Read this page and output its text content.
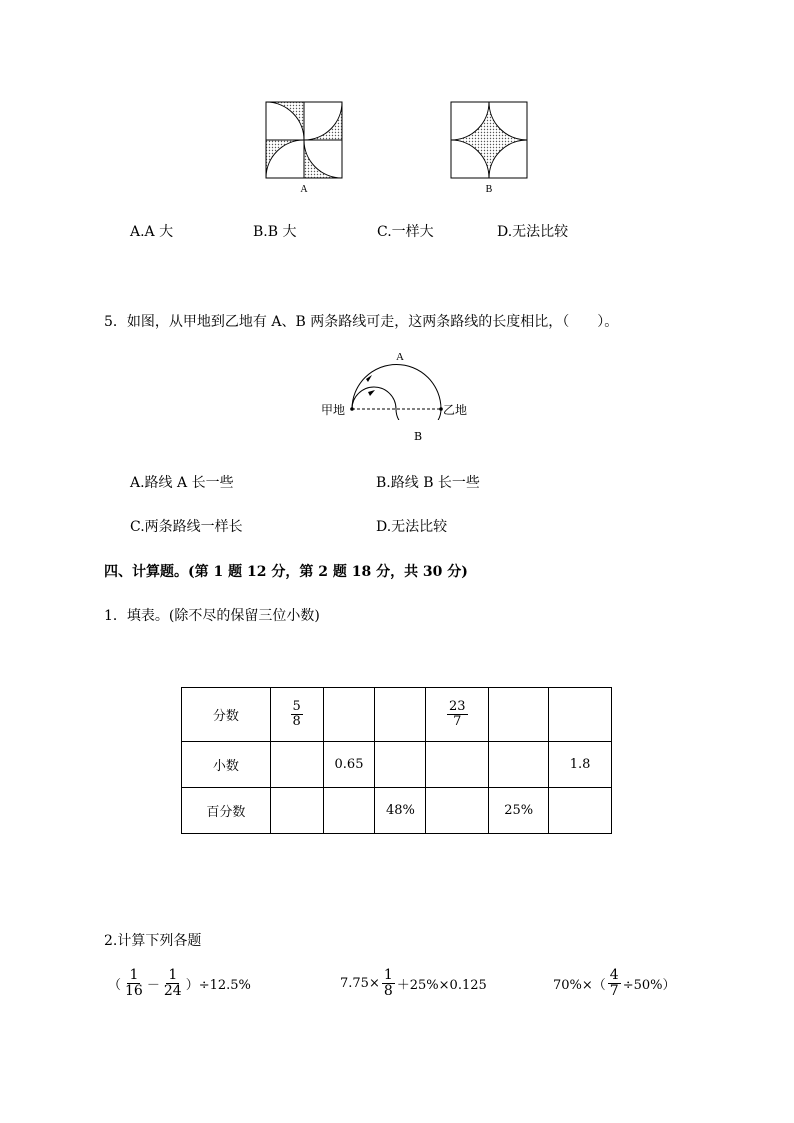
A	B
A.A 大	B.B 大	C.一样大	D.无法比较
5．如图，从甲地到乙地有 A、B 两条路线可走，这两条路线的长度相比，（　　）。
A
甲地	乙地
B
A.路线 A 长一些	B.路线 B 长一些
C.两条路线一样长	D.无法比较
四、计算题。(第 1 题 12 分，第 2 题 18 分，共 30 分)
1．填表。(除不尽的保留三位小数)
分数	$\frac{5}{8}$			$\frac{23}{7}$

小数		0.65				1.8
百分数			48%		25%	
2.计算下列各题
（ $\frac{1}{16} - \frac{1}{24} )\div 12.5\%$	$7.75\times \frac{1}{8} +25\%\times 0.125$	$70\%\times( \frac{4}{7} \div 50\%)$
